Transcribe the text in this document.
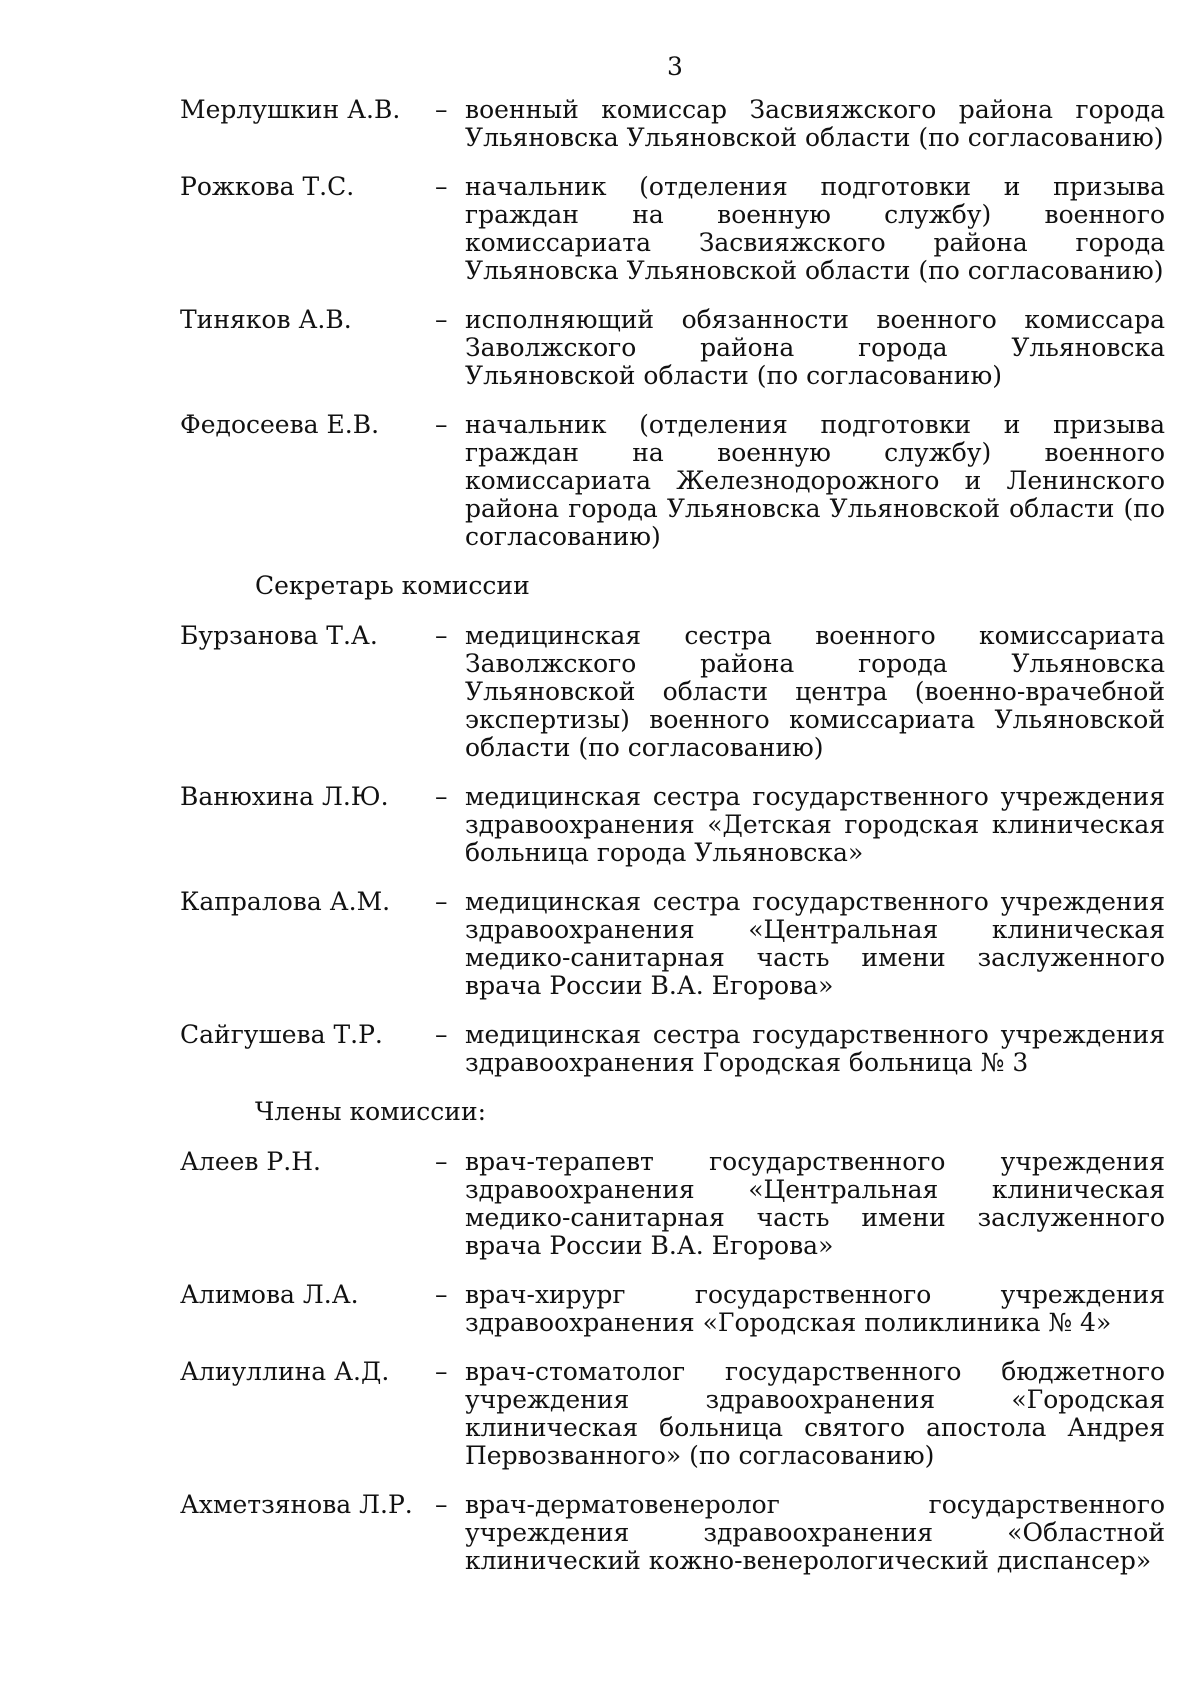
3
Мерлушкин А.В.	– военный комиссар Засвияжского района города Ульяновска Ульяновской области (по согласованию)
Рожкова Т.С.	– начальник (отделения подготовки и призыва граждан на военную службу) военного комиссариата Засвияжского района города Ульяновска Ульяновской области (по согласованию)
Тиняков А.В.	– исполняющий обязанности военного комиссара Заволжского района города Ульяновска Ульяновской области (по согласованию)
Федосеева Е.В.	– начальник (отделения подготовки и призыва граждан на военную службу) военного комиссариата Железнодорожного и Ленинского района города Ульяновска Ульяновской области (по согласованию)
Секретарь комиссии
Бурзанова Т.А.	– медицинская сестра военного комиссариата Заволжского района города Ульяновска Ульяновской области центра (военно-врачебной экспертизы) военного комиссариата Ульяновской области (по согласованию)
Ванюхина Л.Ю.	– медицинская сестра государственного учреждения здравоохранения «Детская городская клиническая больница города Ульяновска»
Капралова А.М.	– медицинская сестра государственного учреждения здравоохранения «Центральная клиническая медико-санитарная часть имени заслуженного врача России В.А. Егорова»
Сайгушева Т.Р.	– медицинская сестра государственного учреждения здравоохранения Городская больница № 3
Члены комиссии:
Алеев Р.Н.	– врач-терапевт государственного учреждения здравоохранения «Центральная клиническая медико-санитарная часть имени заслуженного врача России В.А. Егорова»
Алимова Л.А.	– врач-хирург государственного учреждения здравоохранения «Городская поликлиника № 4»
Алиуллина А.Д.	– врач-стоматолог государственного бюджетного учреждения здравоохранения «Городская клиническая больница святого апостола Андрея Первозванного» (по согласованию)
Ахметзянова Л.Р. – врач-дерматовенеролог государственного учреждения здравоохранения «Областной клинический кожно-венерологический диспансер»
